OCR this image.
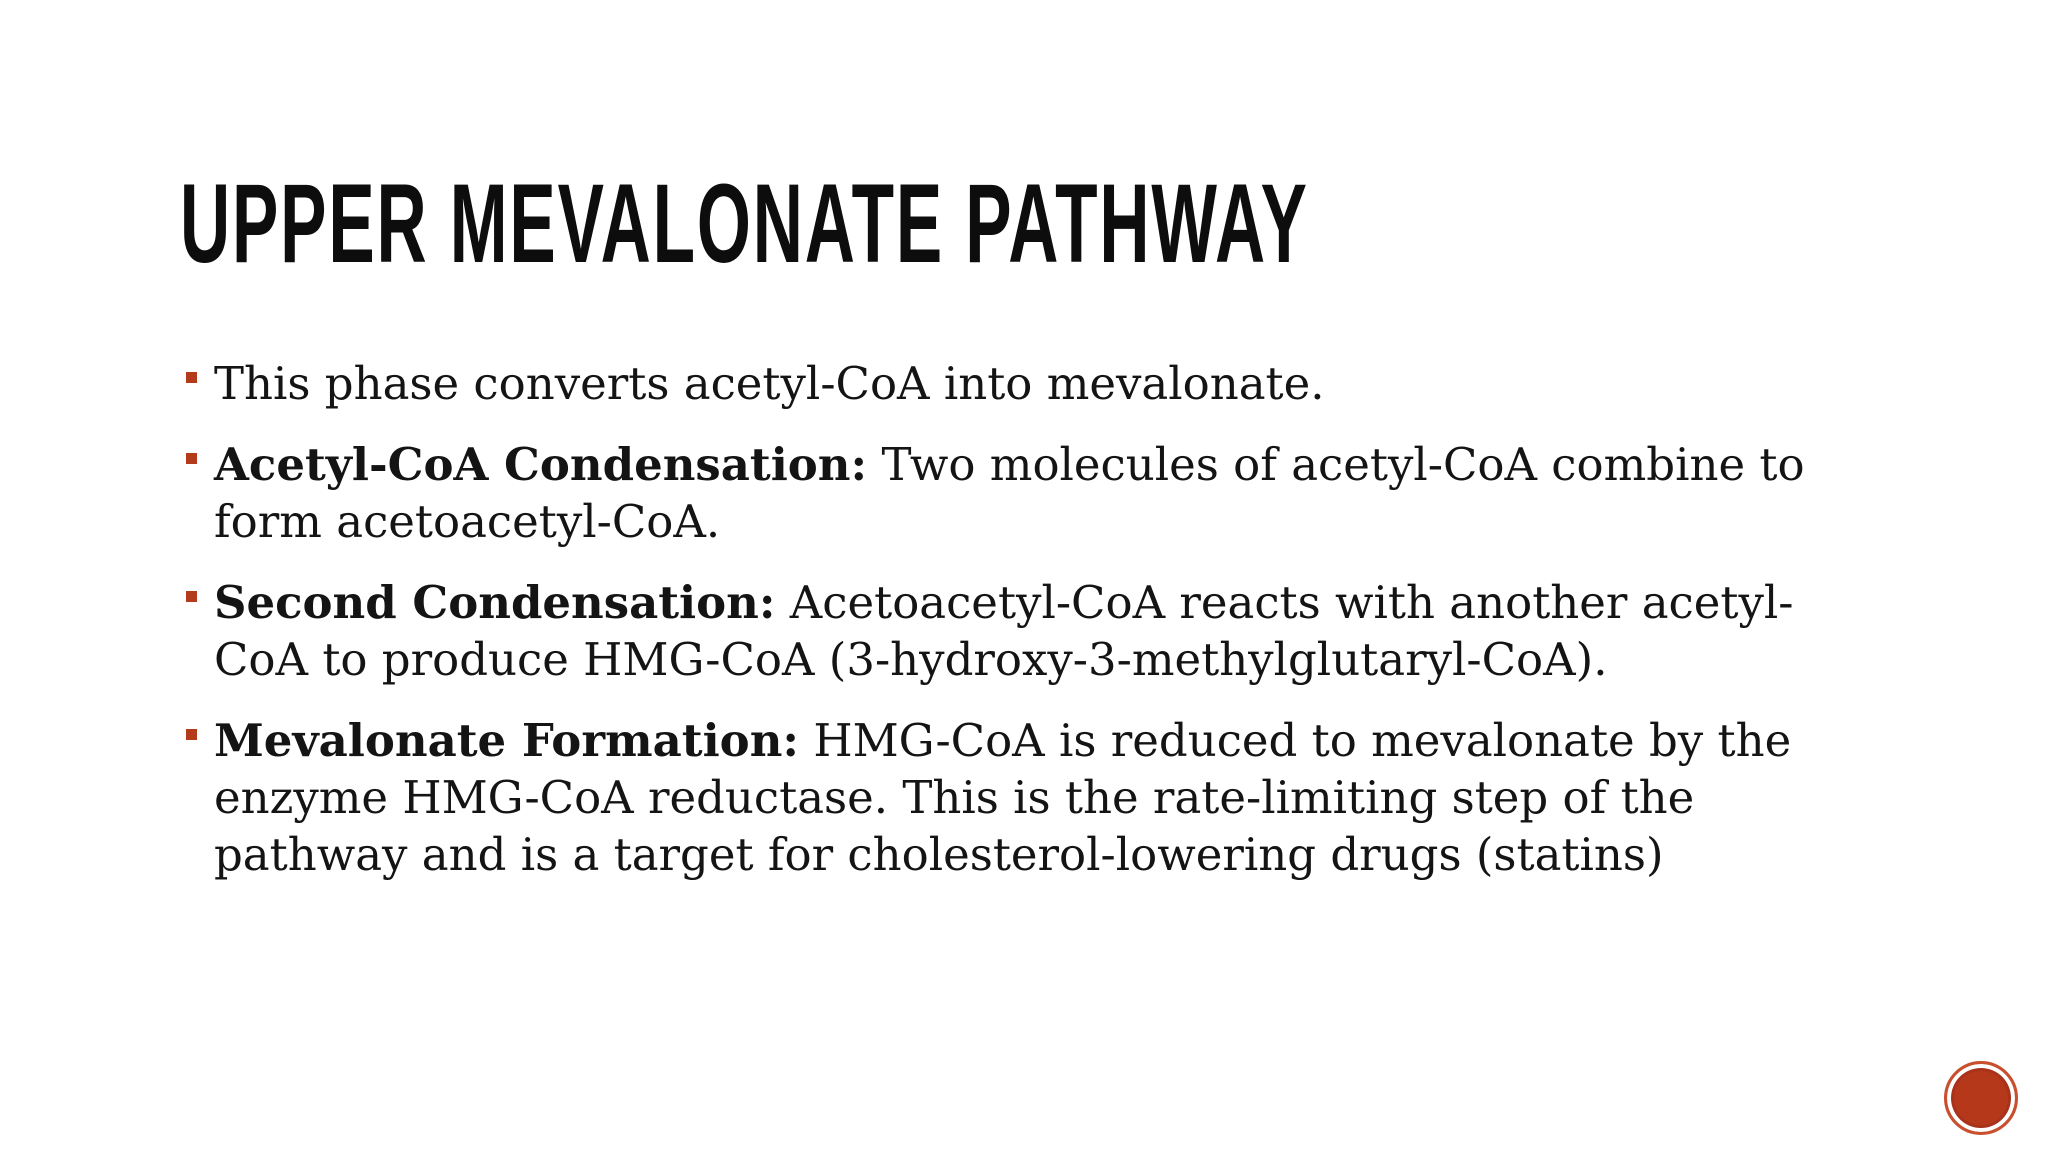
UPPER MEVALONATE PATHWAY
This phase converts acetyl-CoA into mevalonate.
Acetyl-CoA Condensation: Two molecules of acetyl-CoA combine to form acetoacetyl-CoA.
Second Condensation: Acetoacetyl-CoA reacts with another acetyl-CoA to produce HMG-CoA (3-hydroxy-3-methylglutaryl-CoA).
Mevalonate Formation: HMG-CoA is reduced to mevalonate by the enzyme HMG-CoA reductase. This is the rate-limiting step of the pathway and is a target for cholesterol-lowering drugs (statins)
